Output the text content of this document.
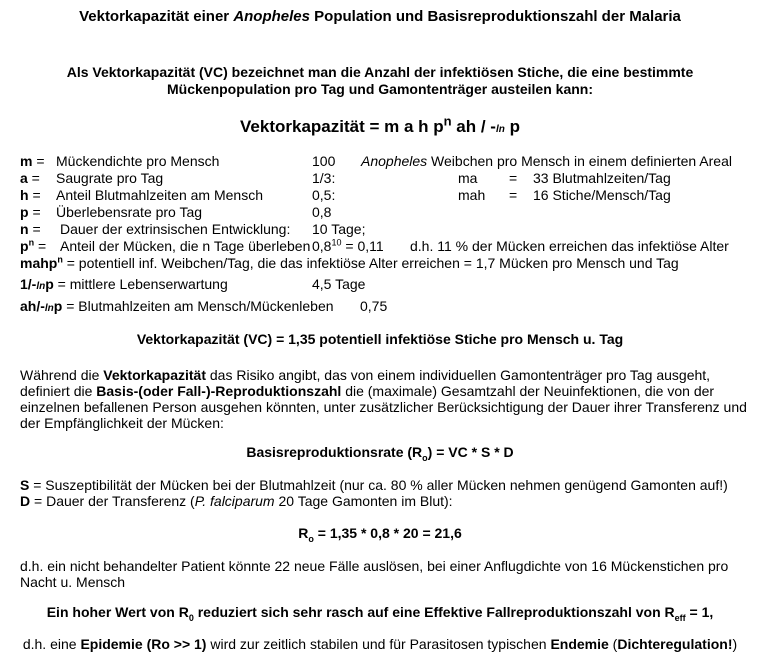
Vektorkapazität einer Anopheles Population und Basisreproduktionszahl der Malaria
Als Vektorkapazität (VC) bezeichnet man die Anzahl der infektiösen Stiche, die eine bestimmte
Mückenpopulation pro Tag und Gamontenträger austeilen kann:
Vektorkapazität = m a h $p^n$ ah / -ln p
m = Mückendichte pro Mensch	100 Anopheles Weibchen pro Mensch in einem definierten Areal
a = Saugrate pro Tag	1/3:	ma = 33 Blutmahlzeiten/Tag
h = Anteil Blutmahlzeiten am Mensch	0,5:	mah = 16 Stiche/Mensch/Tag
p = Überlebensrate pro Tag	0,8
n = Dauer der extrinsischen Entwicklung: 10 Tage;
$p^n$ = Anteil der Mücken, die n Tage überleben $0,8^{10} = 0,11$ d.h. 11 % der Mücken erreichen das infektiöse Alter
mahp$^n$ = potentiell inf. Weibchen/Tag, die das infektiöse Alter erreichen = 1,7 Mücken pro Mensch und Tag
1/-lnp = mittlere Lebenserwartung	4,5 Tage
ah/-lnp = Blutmahlzeiten am Mensch/Mückenleben 0,75
Vektorkapazität (VC) = 1,35 potentiell infektiöse Stiche pro Mensch u. Tag
Während die Vektorkapazität das Risiko angibt, das von einem individuellen Gamontenträger pro Tag ausgeht,
definiert die Basis-(oder Fall-)-Reproduktionszahl die (maximale) Gesamtzahl der Neuinfektionen, die von der
einzelnen befallenen Person ausgehen könnten, unter zusätzlicher Berücksichtigung der Dauer ihrer Transferenz und
der Empfänglichkeit der Mücken:
Basisreproduktionsrate $(R_o)$ = VC * S * D
S = Suszeptibilität der Mücken bei der Blutmahlzeit (nur ca. 80 % aller Mücken nehmen genügend Gamonten auf!)
D = Dauer der Transferenz (P. falciparum 20 Tage Gamonten im Blut):
$R_o = 1,35 * 0,8 * 20 = 21,6$
d.h. ein nicht behandelter Patient könnte 22 neue Fälle auslösen, bei einer Anflugdichte von 16 Mückenstichen pro
Nacht u. Mensch
Ein hoher Wert von $R_0$ reduziert sich sehr rasch auf eine Effektive Fallreproduktionszahl von $R_{eff} = 1$,
d.h. eine Epidemie (Ro >> 1) wird zur zeitlich stabilen und für Parasitosen typischen Endemie (Dichteregulation!)
